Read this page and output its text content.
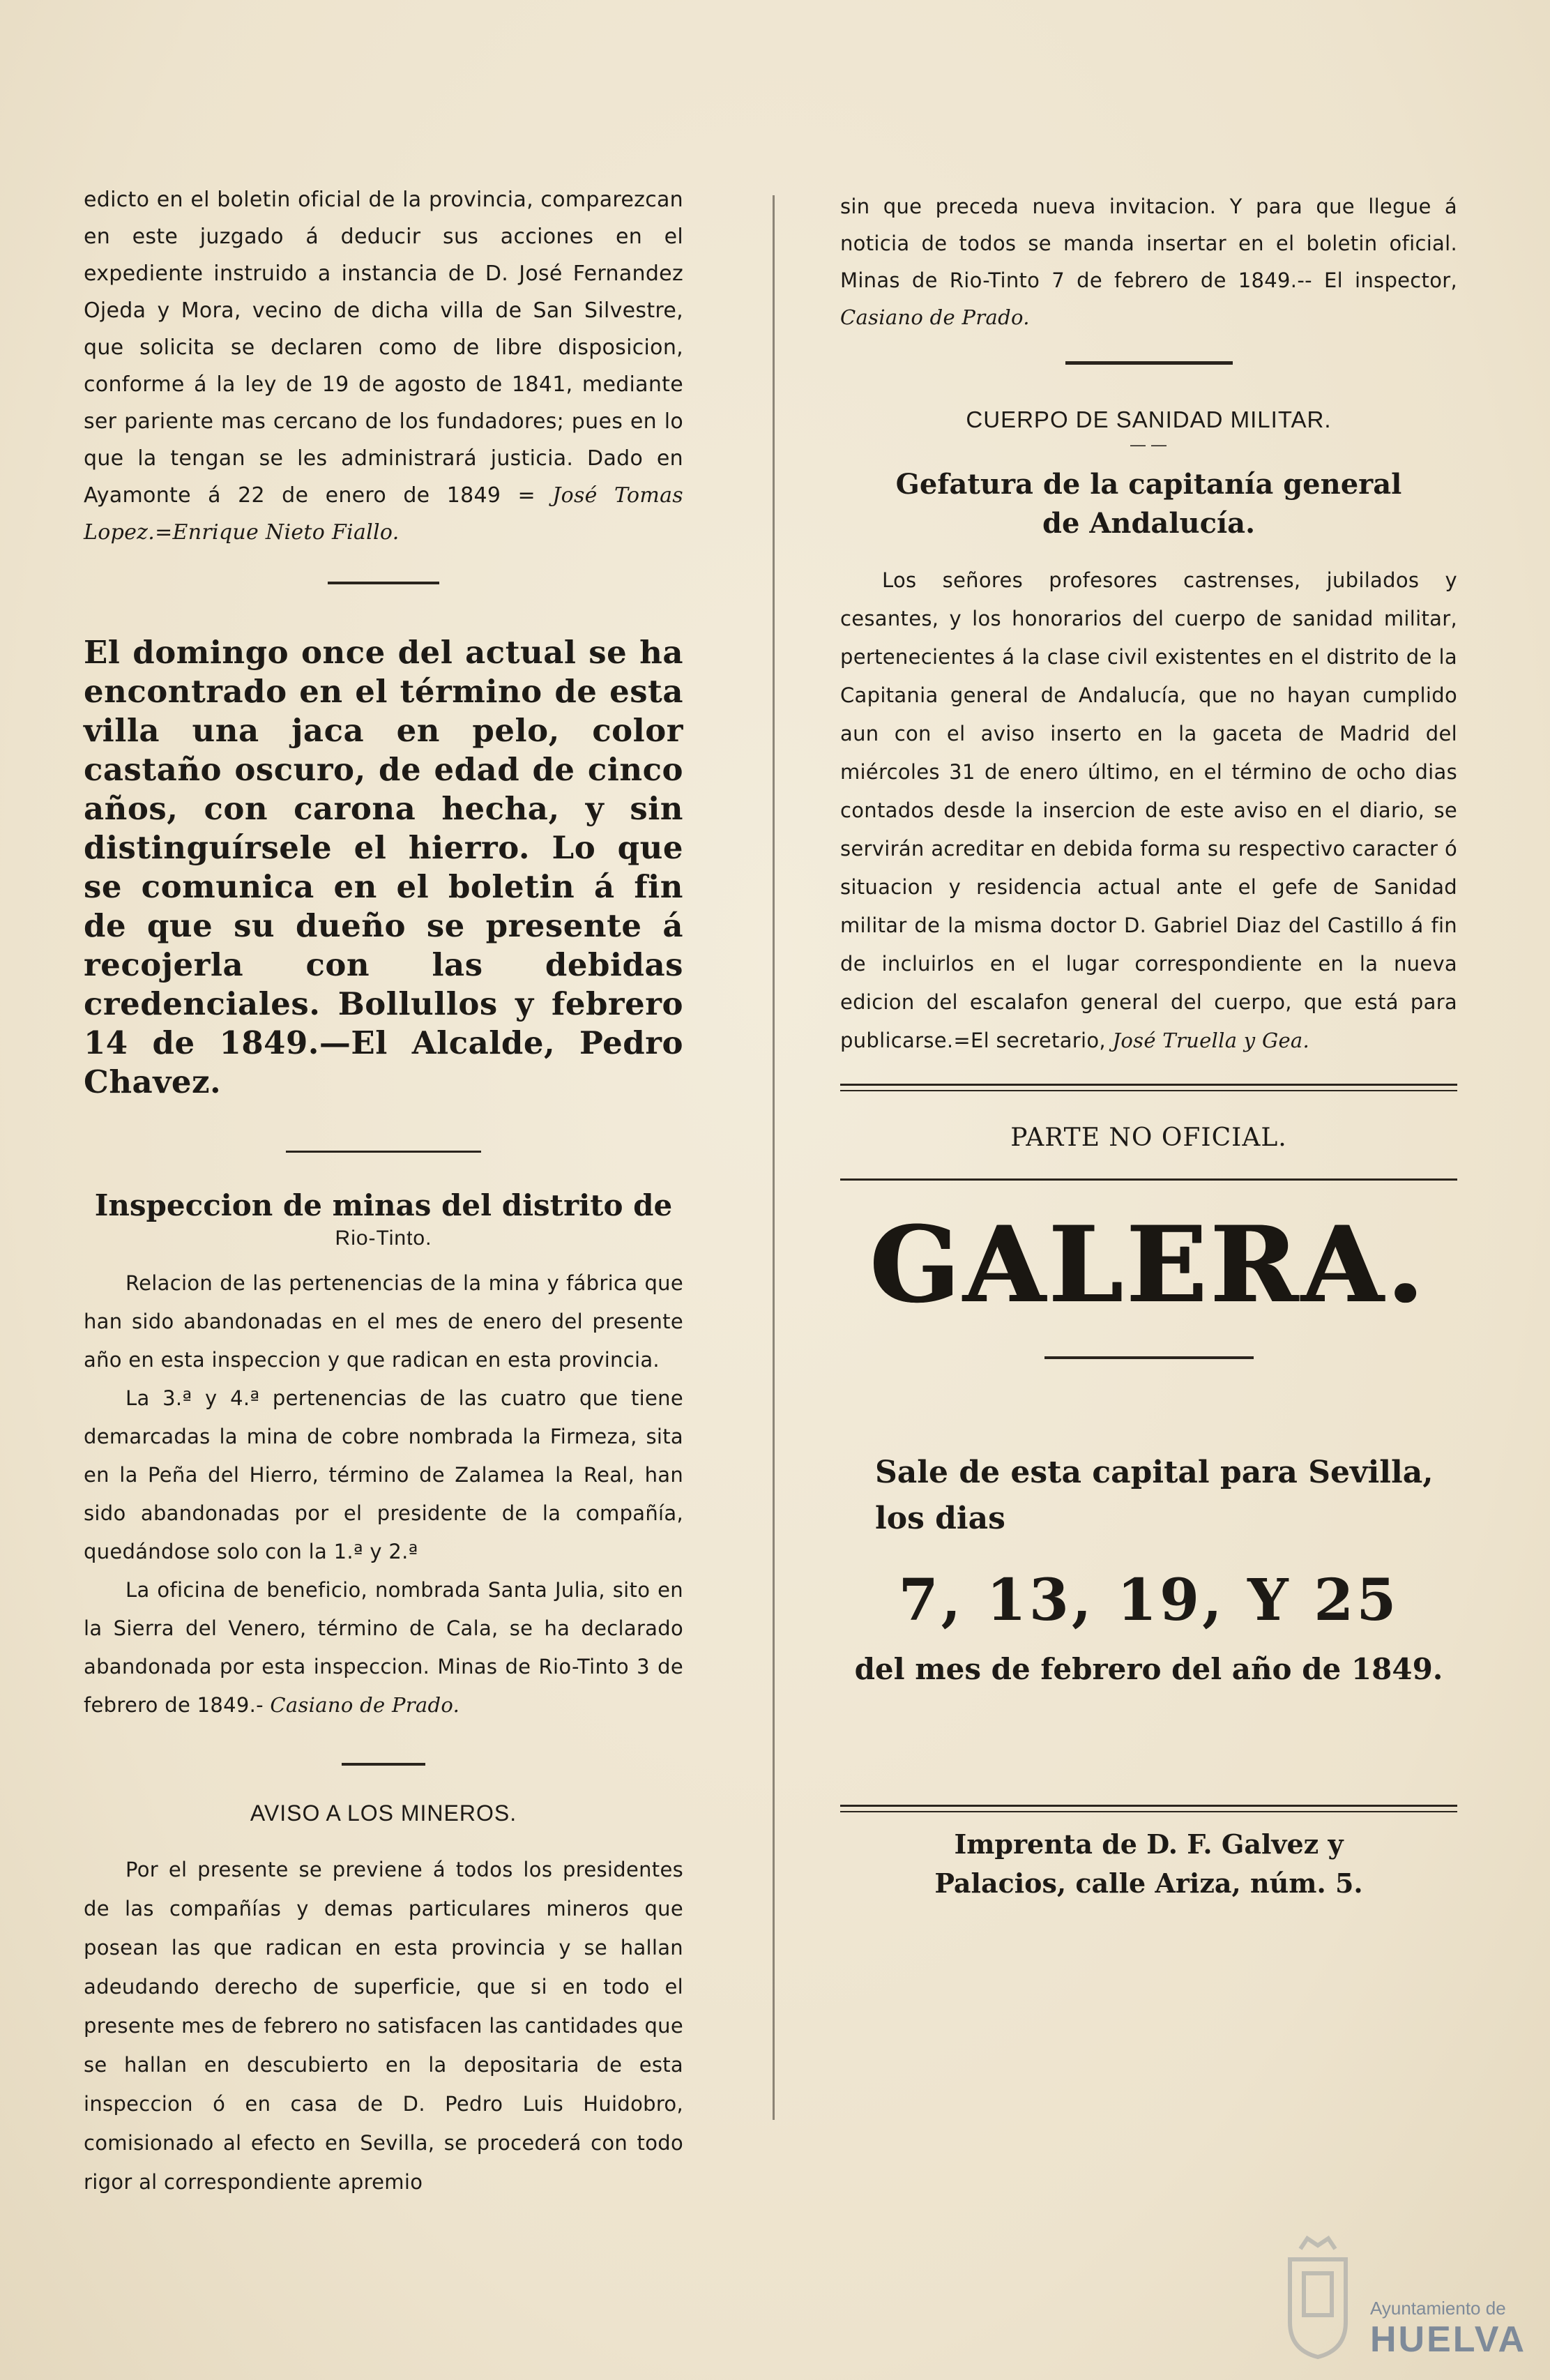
edicto en el boletin oficial de la provincia, comparezcan en este juzgado á deducir sus acciones en el expediente instruido a instancia de D. José Fernandez Ojeda y Mora, vecino de dicha villa de San Silvestre, que solicita se declaren como de libre disposicion, conforme á la ley de 19 de agosto de 1841, mediante ser pariente mas cercano de los fundadores; pues en lo que la tengan se les administrará justicia. Dado en Ayamonte á 22 de enero de 1849 = José Tomas Lopez.=Enrique Nieto Fiallo.

El domingo once del actual se ha encontrado en el término de esta villa una jaca en pelo, color castaño oscuro, de edad de cinco años, con carona hecha, y sin distinguírsele el hierro. Lo que se comunica en el boletin á fin de que su dueño se presente á recojerla con las debidas credenciales. Bollullos y febrero 14 de 1849.—El Alcalde, Pedro Chavez.

Inspeccion de minas del distrito de

Rio-Tinto.

Relacion de las pertenencias de la mina y fábrica que han sido abandonadas en el mes de enero del presente año en esta inspeccion y que radican en esta provincia.

La 3.ª y 4.ª pertenencias de las cuatro que tiene demarcadas la mina de cobre nombrada la Firmeza, sita en la Peña del Hierro, término de Zalamea la Real, han sido abandonadas por el presidente de la compañía, quedándose solo con la 1.ª y 2.ª

La oficina de beneficio, nombrada Santa Julia, sito en la Sierra del Venero, término de Cala, se ha declarado abandonada por esta inspeccion. Minas de Rio-Tinto 3 de febrero de 1849.- Casiano de Prado.

AVISO A LOS MINEROS.

Por el presente se previene á todos los presidentes de las compañías y demas particulares mineros que posean las que radican en esta provincia y se hallan adeudando derecho de superficie, que si en todo el presente mes de febrero no satisfacen las cantidades que se hallan en descubierto en la depositaria de esta inspeccion ó en casa de D. Pedro Luis Huidobro, comisionado al efecto en Sevilla, se procederá con todo rigor al correspondiente apremio

sin que preceda nueva invitacion. Y para que llegue á noticia de todos se manda insertar en el boletin oficial. Minas de Rio-Tinto 7 de febrero de 1849.-- El inspector, Casiano de Prado.

CUERPO DE SANIDAD MILITAR.

— —

Gefatura de la capitanía general de Andalucía.

Los señores profesores castrenses, jubilados y cesantes, y los honorarios del cuerpo de sanidad militar, pertenecientes á la clase civil existentes en el distrito de la Capitania general de Andalucía, que no hayan cumplido aun con el aviso inserto en la gaceta de Madrid del miércoles 31 de enero último, en el término de ocho dias contados desde la insercion de este aviso en el diario, se servirán acreditar en debida forma su respectivo caracter ó situacion y residencia actual ante el gefe de Sanidad militar de la misma doctor D. Gabriel Diaz del Castillo á fin de incluirlos en el lugar correspondiente en la nueva edicion del escalafon general del cuerpo, que está para publicarse.=El secretario, José Truella y Gea.

PARTE NO OFICIAL.

GALERA.

Sale de esta capital para Sevilla, los dias

7, 13, 19, Y 25

del mes de febrero del año de 1849.

Imprenta de D. F. Galvez y Palacios, calle Ariza, núm. 5.

Ayuntamiento de
HUELVA
